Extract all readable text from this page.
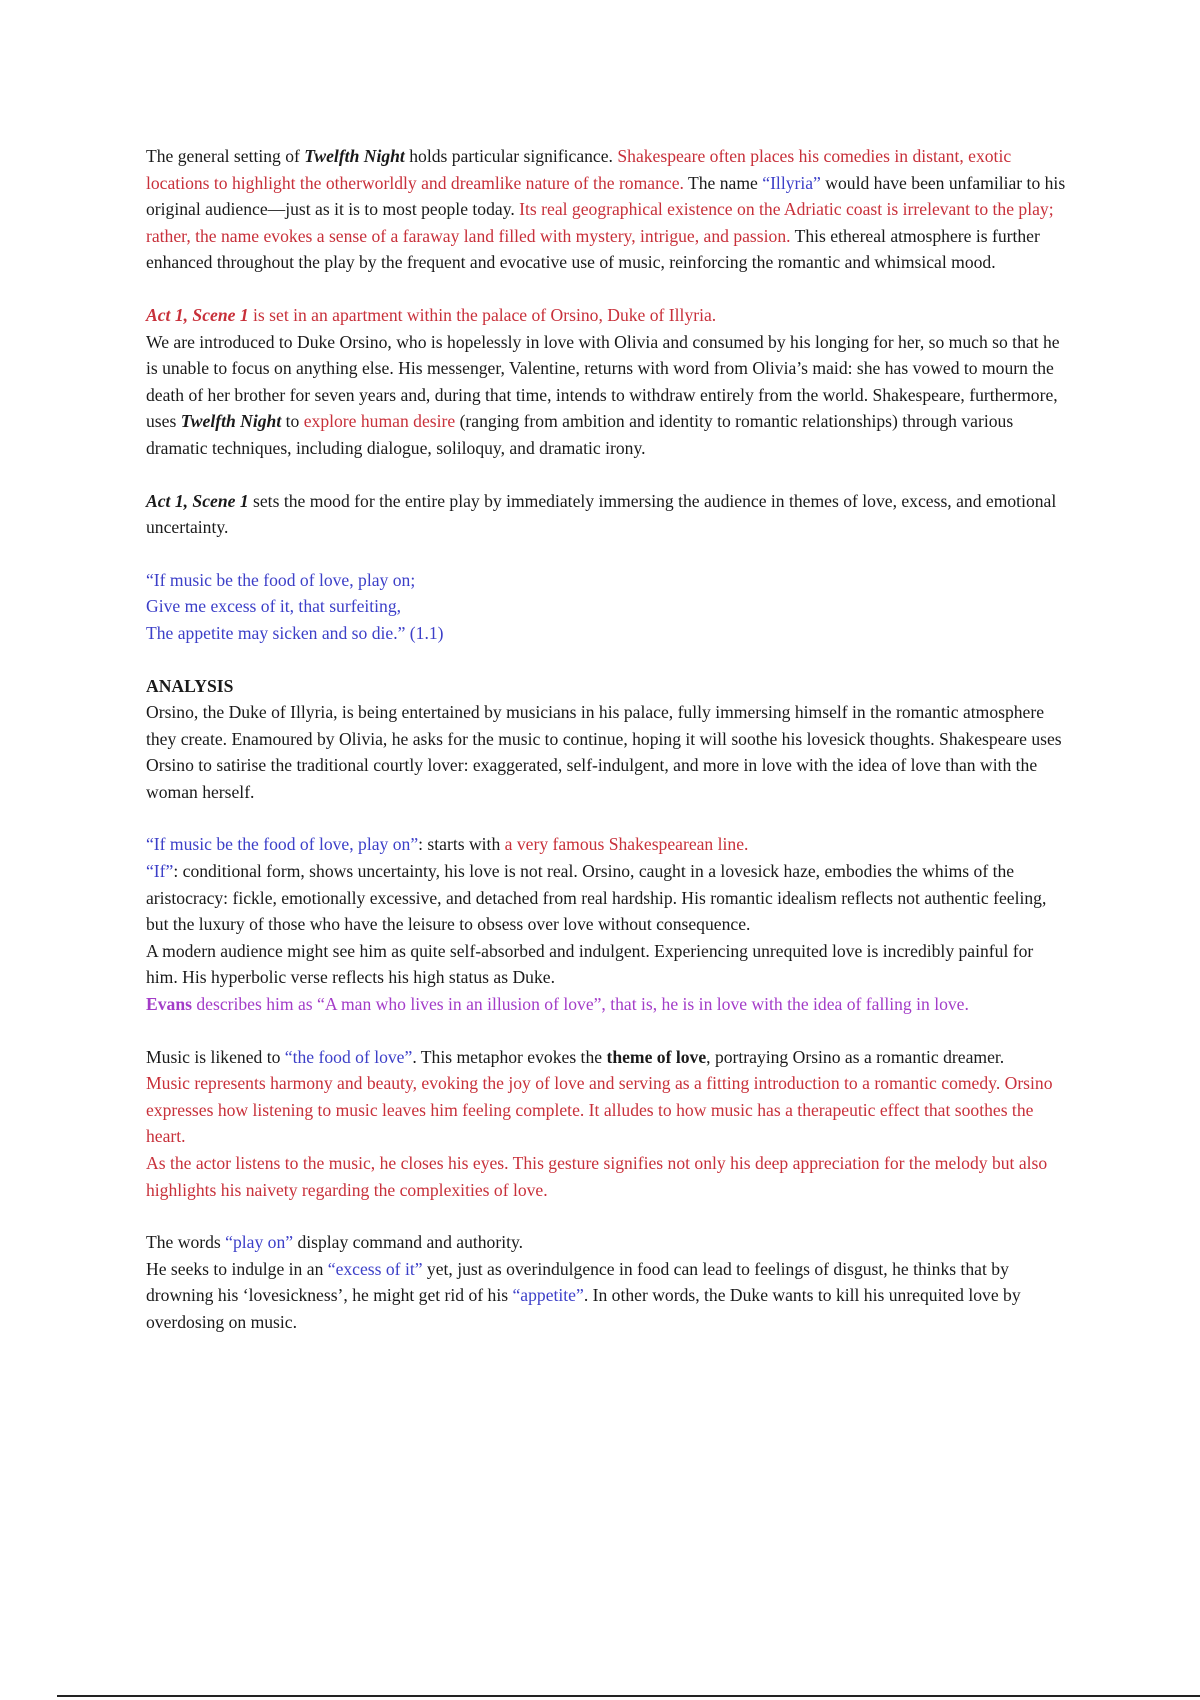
The general setting of Twelfth Night holds particular significance. Shakespeare often places his comedies in distant, exotic locations to highlight the otherworldly and dreamlike nature of the romance. The name “Illyria” would have been unfamiliar to his original audience—just as it is to most people today. Its real geographical existence on the Adriatic coast is irrelevant to the play; rather, the name evokes a sense of a faraway land filled with mystery, intrigue, and passion. This ethereal atmosphere is further enhanced throughout the play by the frequent and evocative use of music, reinforcing the romantic and whimsical mood.

Act 1, Scene 1 is set in an apartment within the palace of Orsino, Duke of Illyria.

We are introduced to Duke Orsino, who is hopelessly in love with Olivia and consumed by his longing for her, so much so that he is unable to focus on anything else. His messenger, Valentine, returns with word from Olivia’s maid: she has vowed to mourn the death of her brother for seven years and, during that time, intends to withdraw entirely from the world. Shakespeare, furthermore, uses Twelfth Night to explore human desire (ranging from ambition and identity to romantic relationships) through various dramatic techniques, including dialogue, soliloquy, and dramatic irony.

Act 1, Scene 1 sets the mood for the entire play by immediately immersing the audience in themes of love, excess, and emotional uncertainty.

“If music be the food of love, play on;

Give me excess of it, that surfeiting,

The appetite may sicken and so die.” (1.1)

ANALYSIS

Orsino, the Duke of Illyria, is being entertained by musicians in his palace, fully immersing himself in the romantic atmosphere they create. Enamoured by Olivia, he asks for the music to continue, hoping it will soothe his lovesick thoughts. Shakespeare uses Orsino to satirise the traditional courtly lover: exaggerated, self-indulgent, and more in love with the idea of love than with the woman herself.

“If music be the food of love, play on”: starts with a very famous Shakespearean line.

“If”: conditional form, shows uncertainty, his love is not real. Orsino, caught in a lovesick haze, embodies the whims of the aristocracy: fickle, emotionally excessive, and detached from real hardship. His romantic idealism reflects not authentic feeling, but the luxury of those who have the leisure to obsess over love without consequence.

A modern audience might see him as quite self-absorbed and indulgent. Experiencing unrequited love is incredibly painful for him. His hyperbolic verse reflects his high status as Duke.

Evans describes him as “A man who lives in an illusion of love”, that is, he is in love with the idea of falling in love.

Music is likened to “the food of love”. This metaphor evokes the theme of love, portraying Orsino as a romantic dreamer.

Music represents harmony and beauty, evoking the joy of love and serving as a fitting introduction to a romantic comedy. Orsino expresses how listening to music leaves him feeling complete. It alludes to how music has a therapeutic effect that soothes the heart.

As the actor listens to the music, he closes his eyes. This gesture signifies not only his deep appreciation for the melody but also highlights his naivety regarding the complexities of love.

The words “play on” display command and authority.

He seeks to indulge in an “excess of it” yet, just as overindulgence in food can lead to feelings of disgust, he thinks that by drowning his ‘lovesickness’, he might get rid of his “appetite”. In other words, the Duke wants to kill his unrequited love by overdosing on music.
